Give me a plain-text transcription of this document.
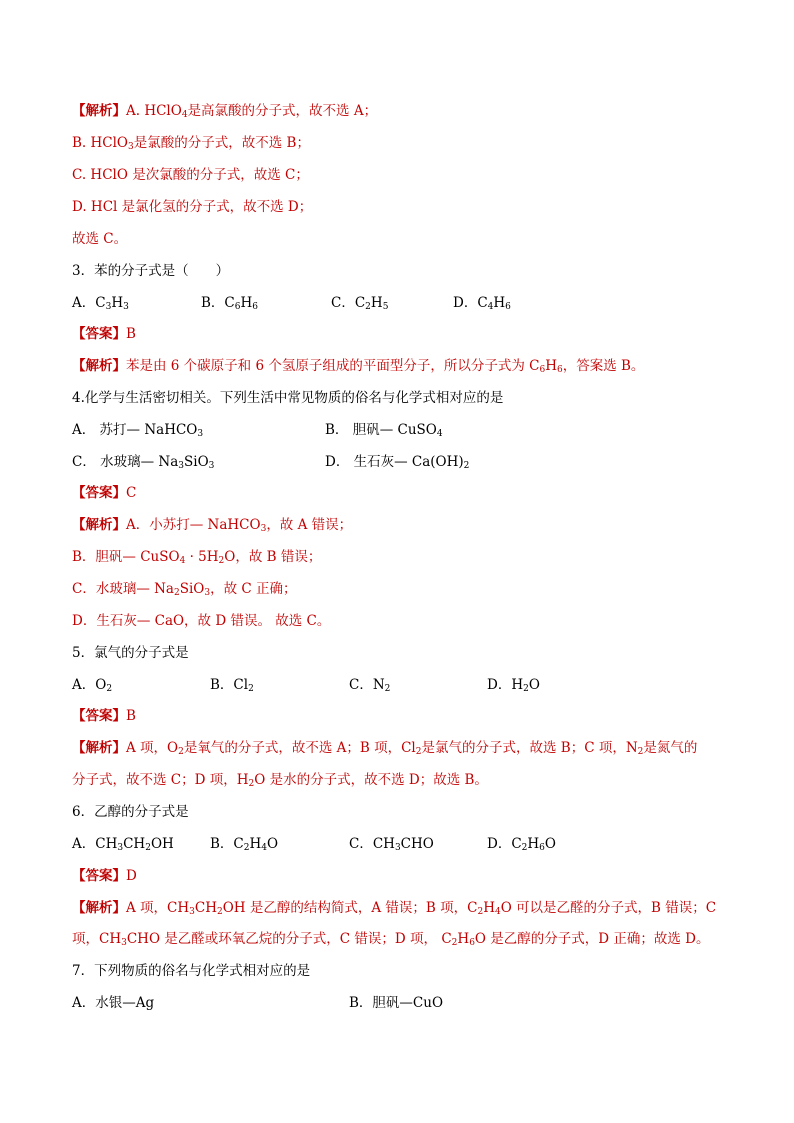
【解析】A. HClO$_4$是高氯酸的分子式，故不选 A；
B. HClO$_3$是氯酸的分子式，故不选 B；
C. HClO 是次氯酸的分子式，故选 C；
D. HCl 是氯化氢的分子式，故不选 D；
故选 C。
3．苯的分子式是（　　）
A．$C_3H_3$	B．$C_6H_6$	C．$C_2H_5$	D．$C_4H_6$
【答案】B
【解析】苯是由 6 个碳原子和 6 个氢原子组成的平面型分子，所以分子式为 $C_6H_6$，答案选 B。
4.化学与生活密切相关。下列生活中常见物质的俗名与化学式相对应的是
A． 苏打— NaHCO$_3$	B． 胆矾— CuSO$_4$
C． 水玻璃— $Na_3SiO_3$	D． 生石灰— $Ca(OH)_2$
【答案】C
【解析】A．小苏打— NaHCO$_3$，故 A 错误；
B．胆矾— CuSO$_4$ · $5H_2O$，故 B 错误；
C．水玻璃— $Na_2SiO_3$，故 C 正确；
D．生石灰— CaO，故 D 错误。 故选 C。
5．氯气的分子式是
A．$O_2$	B．$Cl_2$	C．$N_2$	D．$H_2O$
【答案】B
【解析】A 项，$O_2$是氧气的分子式，故不选 A；B 项，$Cl_2$是氯气的分子式，故选 B；C 项，$N_2$是氮气的
分子式，故不选 C；D 项，$H_2O$ 是水的分子式，故不选 D；故选 B。
6．乙醇的分子式是
A．$CH_3CH_2OH$	B．$C_2H_4O$	C．$CH_3CHO$	D．$C_2H_6O$
【答案】D
【解析】A 项，$CH_3CH_2OH$ 是乙醇的结构简式，A 错误；B 项，$C_2H_4O$ 可以是乙醛的分子式，B 错误；C
项，$CH_3CHO$ 是乙醛或环氧乙烷的分子式，C 错误；D 项， $C_2H_6O$ 是乙醇的分子式，D 正确；故选 D。
7．下列物质的俗名与化学式相对应的是
A．水银—Ag	B．胆矾—CuO
